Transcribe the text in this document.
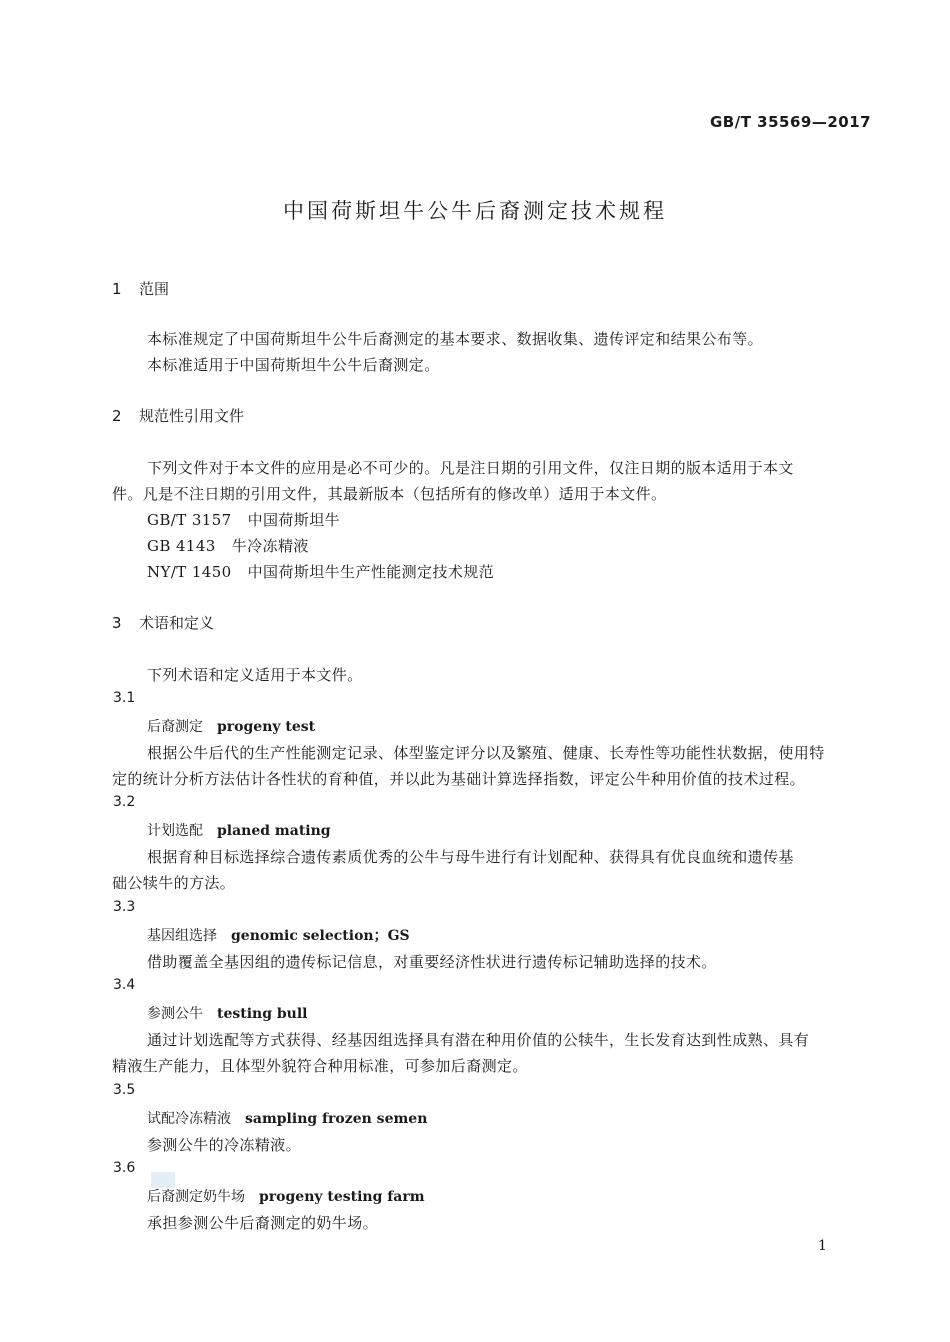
GB/T 35569—2017
中国荷斯坦牛公牛后裔测定技术规程
1 范围
本标准规定了中国荷斯坦牛公牛后裔测定的基本要求、数据收集、遗传评定和结果公布等。
本标准适用于中国荷斯坦牛公牛后裔测定。
2 规范性引用文件
下列文件对于本文件的应用是必不可少的。凡是注日期的引用文件，仅注日期的版本适用于本文
件。凡是不注日期的引用文件，其最新版本（包括所有的修改单）适用于本文件。
GB/T 3157 中国荷斯坦牛
GB 4143 牛冷冻精液
NY/T 1450 中国荷斯坦牛生产性能测定技术规范
3 术语和定义
下列术语和定义适用于本文件。
3.1
后裔测定 progeny test
根据公牛后代的生产性能测定记录、体型鉴定评分以及繁殖、健康、长寿性等功能性状数据，使用特
定的统计分析方法估计各性状的育种值，并以此为基础计算选择指数，评定公牛种用价值的技术过程。
3.2
计划选配 planed mating
根据育种目标选择综合遗传素质优秀的公牛与母牛进行有计划配种、获得具有优良血统和遗传基
础公犊牛的方法。
3.3
基因组选择 genomic selection；GS
借助覆盖全基因组的遗传标记信息，对重要经济性状进行遗传标记辅助选择的技术。
3.4
参测公牛 testing bull
通过计划选配等方式获得、经基因组选择具有潜在种用价值的公犊牛，生长发育达到性成熟、具有
精液生产能力，且体型外貌符合种用标准，可参加后裔测定。
3.5
试配冷冻精液 sampling frozen semen
参测公牛的冷冻精液。
3.6
后裔测定奶牛场 progeny testing farm
承担参测公牛后裔测定的奶牛场。
1
